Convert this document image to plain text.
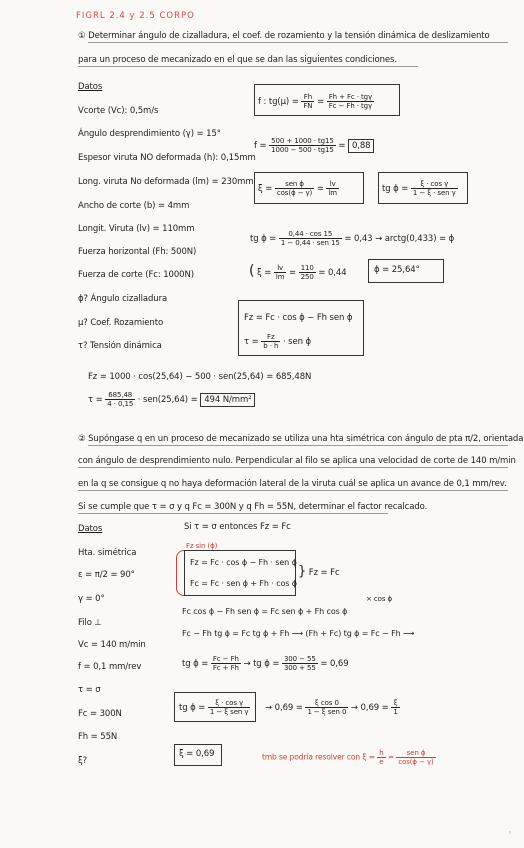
FIGRL 2.4 y 2.5 CORPO
① Determinar ángulo de cizalladura, el coef. de rozamiento y la tensión dinámica de deslizamiento
para un proceso de mecanizado en el que se dan las siguientes condiciones.
Datos
Vcorte (Vc): 0,5m/s
Ángulo desprendimiento (γ) = 15°
Espesor viruta NO deformada (h): 0,15mm
Long. viruta No deformada (lm) = 230mm
Ancho de corte (b) = 4mm
Longit. Viruta (lv) = 110mm
Fuerza horizontal (Fh: 500N)
Fuerza de corte (Fc: 1000N)
ϕ? Ángulo cizalladura
μ? Coef. Rozamiento
τ? Tensión dinámica
f : $tg(\mu) = \frac{Fh}{FN} = \frac{\text{Fh + Fc · tgγ}}{\text{Fc − Fh · tgγ}}$
$f = \frac{500 + 1000 \cdot tg15}{1000 - 500 \cdot tg15} = 0,88$
$\xi = \frac{\text{sen ϕ}}{\cos(\phi - \gamma)} = \frac{lv}{lm}$	tg $\phi = \frac{\text{ξ · cos γ}}{\text{1 − ξ · sen γ}}$
tg $\phi = \frac{0,44 \cdot \cos 15}{\text{1 − 0,44 · sen 15}} = 0,43$ → arctg(0,433) = ϕ
( $\xi = \frac{lv}{lm} = \frac{110}{250} = 0,44$	ϕ = 25,64°
Fz = Fc · cos ϕ − Fh sen ϕ
$\tau = \frac{Fz}{b \cdot h}$ · sen ϕ
Fz = 1000 · cos(25,64) − 500 · sen(25,64) = 685,48N
$\tau = \frac{685,48}{4 \cdot 0,15} \cdot sen(25,64) = 494$ N/mm²
② Supóngase q en un proceso de mecanizado se utiliza una hta simétrica con ángulo de pta π/2, orientada
con ángulo de desprendimiento nulo. Perpendicular al filo se aplica una velocidad de corte de 140 m/min
en la q se consigue q no haya deformación lateral de la viruta cuál se aplica un avance de 0,1 mm/rev.
Si se cumple que τ = σ y q Fc = 300N y q Fh = 55N, determinar el factor recalcado.
Datos
Hta. simétrica
ε = π/2 = 90°
γ = 0°
Filo ⊥
Vc = 140 m/min
f = 0,1 mm/rev
τ = σ
Fc = 300N
Fh = 55N
ξ?
Si τ = σ entonces Fz = Fc
Fz sin (ϕ)
Fz = Fc · cos ϕ − Fh · sen ϕ
Fc = Fc · sen ϕ + Fh · cos ϕ
} Fz = Fc
× cos ϕ
Fc cos ϕ − Fh sen ϕ = Fc sen ϕ + Fh cos ϕ
Fc − Fh tg ϕ = Fc tg ϕ + Fh ⟶ (Fh + Fc) tg ϕ = Fc − Fh ⟶
tg $\phi = \frac{Fc - Fh}{Fc + Fh}$ → tg $\phi = \frac{300 - 55}{300 + 55} = 0,69$
tg $\phi = \frac{\text{ξ · cos γ}}{\text{1 − ξ sen γ}} \to 0,69 = \frac{\text{ξ cos 0}}{\text{1 − ξ sen 0}} \to 0,69 = \frac{\xi}{1}$
ξ = 0,69	tmb se podría resolver con $\xi = \frac{h}{e} = \frac{\text{sen ϕ}}{\cos(\phi - \gamma)}$
◦
